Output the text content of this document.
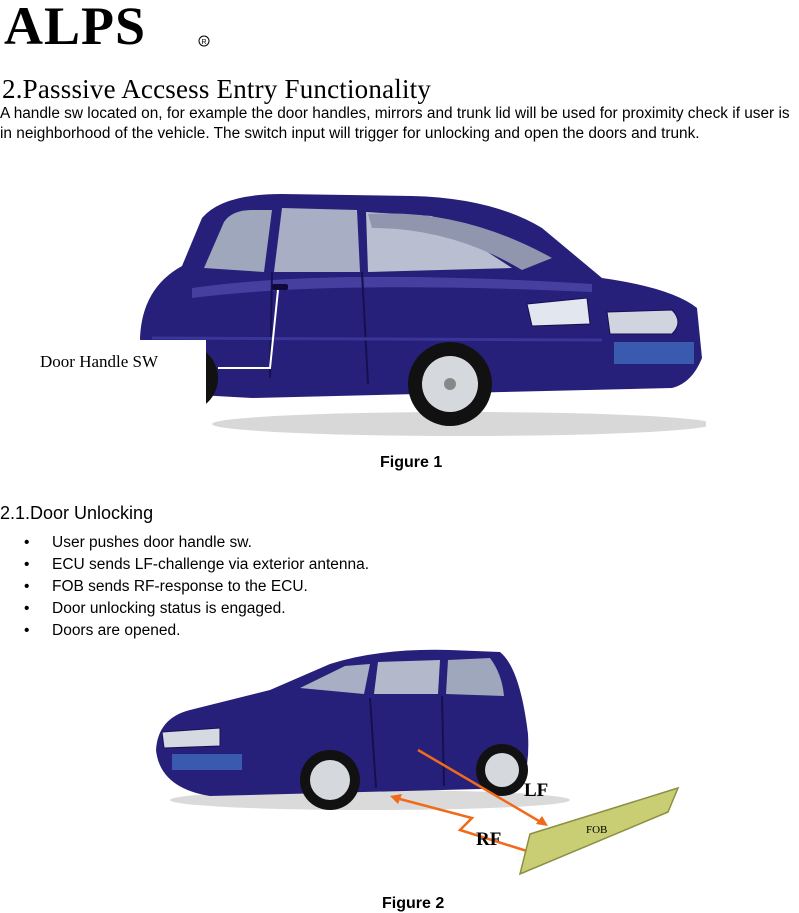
ALPS	R
2.Passsive Accsess Entry Functionality
A handle sw located on, for example the door handles, mirrors and trunk lid will be used for proximity check if user is in neighborhood of the vehicle. The switch input will trigger for unlocking and open the doors and trunk.
Door Handle SW
Figure 1
2.1.Door Unlocking
•	User pushes door handle sw.
•	ECU sends LF-challenge via exterior antenna.
•	FOB sends RF-response to the ECU.
•	Door unlocking status is engaged.
•	Doors are opened.
LF
RF	FOB
Figure 2
